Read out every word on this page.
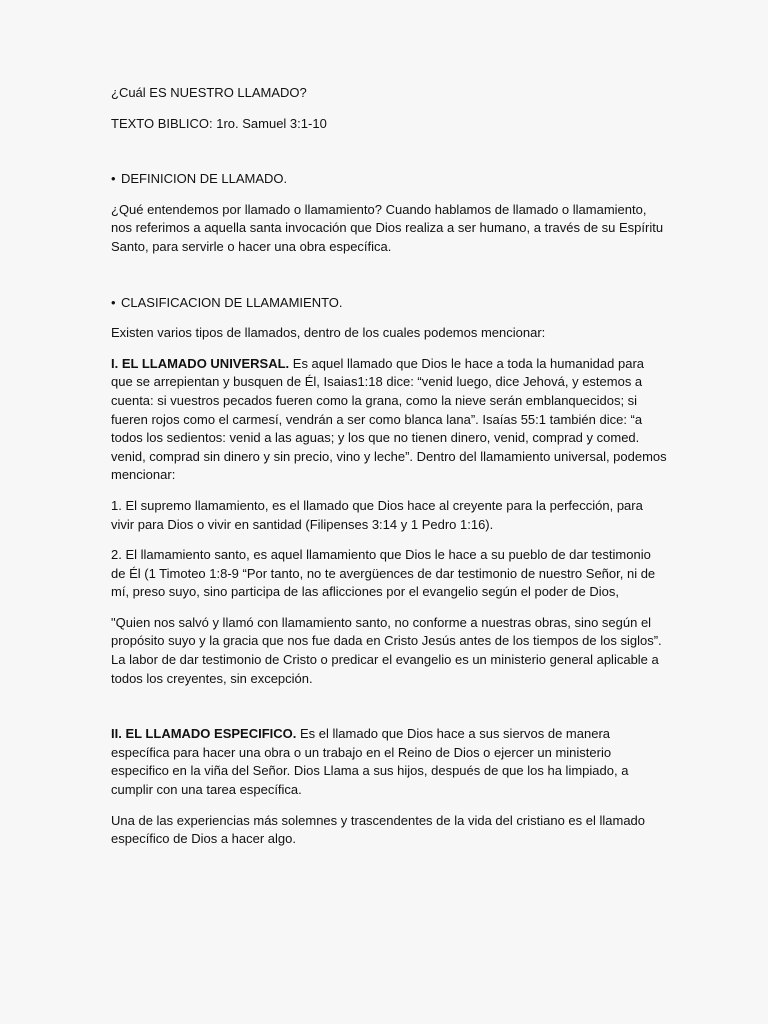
¿Cuál ES NUESTRO LLAMADO?

TEXTO BIBLICO: 1ro. Samuel 3:1-10

• DEFINICION DE LLAMADO.

¿Qué entendemos por llamado o llamamiento? Cuando hablamos de llamado o llamamiento, nos referimos a aquella santa invocación que Dios realiza a ser humano, a través de su Espíritu Santo, para servirle o hacer una obra específica.

• CLASIFICACION DE LLAMAMIENTO.

Existen varios tipos de llamados, dentro de los cuales podemos mencionar:

I. EL LLAMADO UNIVERSAL. Es aquel llamado que Dios le hace a toda la humanidad para que se arrepientan y busquen de Él, Isaias1:18 dice: “venid luego, dice Jehová, y estemos a cuenta: si vuestros pecados fueren como la grana, como la nieve serán emblanquecidos; si fueren rojos como el carmesí, vendrán a ser como blanca lana”. Isaías 55:1 también dice: “a todos los sedientos: venid a las aguas; y los que no tienen dinero, venid, comprad y comed. venid, comprad sin dinero y sin precio, vino y leche”. Dentro del llamamiento universal, podemos mencionar:

1. El supremo llamamiento, es el llamado que Dios hace al creyente para la perfección, para vivir para Dios o vivir en santidad (Filipenses 3:14 y 1 Pedro 1:16).

2. El llamamiento santo, es aquel llamamiento que Dios le hace a su pueblo de dar testimonio de Él (1 Timoteo 1:8-9 “Por tanto, no te avergüences de dar testimonio de nuestro Señor, ni de mí, preso suyo, sino participa de las aflicciones por el evangelio según el poder de Dios,

"Quien nos salvó y llamó con llamamiento santo, no conforme a nuestras obras, sino según el propósito suyo y la gracia que nos fue dada en Cristo Jesús antes de los tiempos de los siglos”. La labor de dar testimonio de Cristo o predicar el evangelio es un ministerio general aplicable a todos los creyentes, sin excepción.

II. EL LLAMADO ESPECIFICO. Es el llamado que Dios hace a sus siervos de manera específica para hacer una obra o un trabajo en el Reino de Dios o ejercer un ministerio especifico en la viña del Señor. Dios Llama a sus hijos, después de que los ha limpiado, a cumplir con una tarea específica.

Una de las experiencias más solemnes y trascendentes de la vida del cristiano es el llamado específico de Dios a hacer algo.
